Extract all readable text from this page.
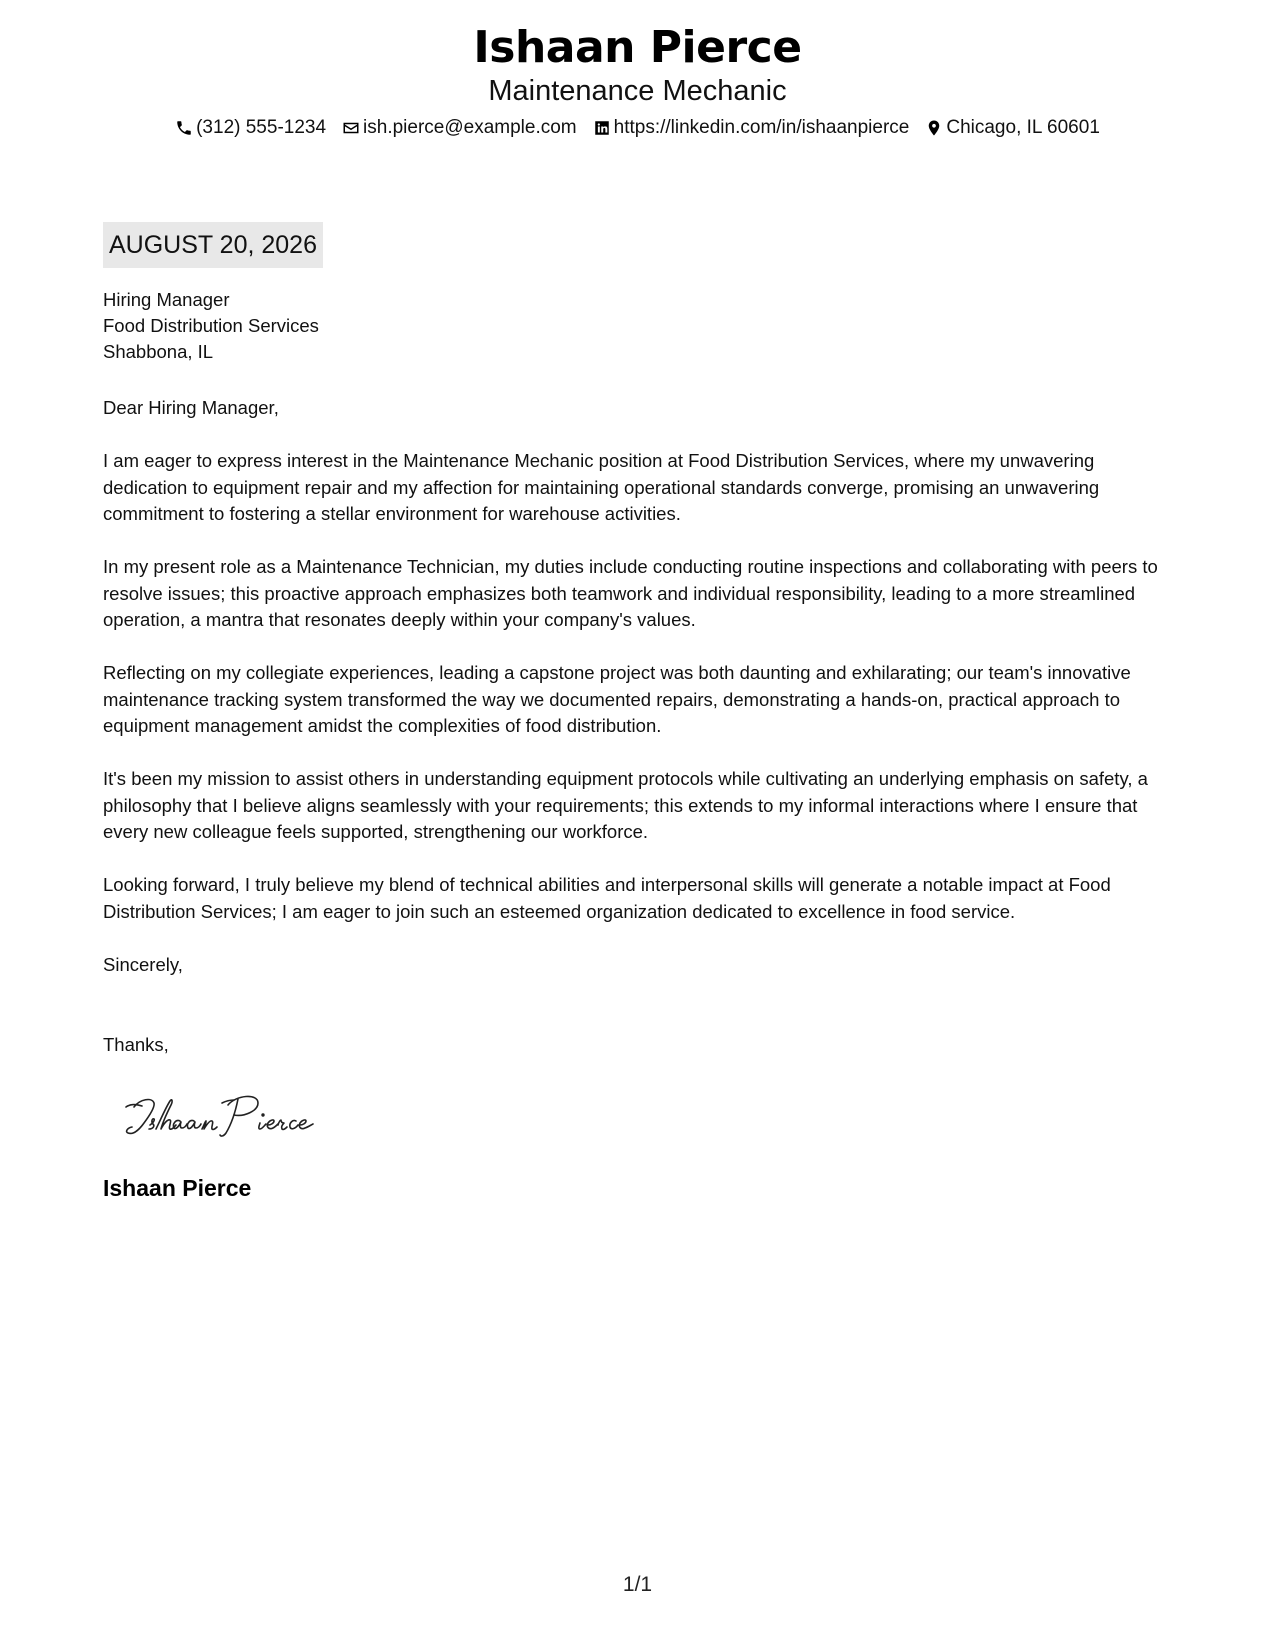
Ishaan Pierce
Maintenance Mechanic
(312) 555-1234 ish.pierce@example.com https://linkedin.com/in/ishaanpierce Chicago, IL 60601
AUGUST 20, 2026
Hiring Manager
Food Distribution Services
Shabbona, IL

Dear Hiring Manager,

I am eager to express interest in the Maintenance Mechanic position at Food Distribution Services, where my unwavering dedication to equipment repair and my affection for maintaining operational standards converge, promising an unwavering commitment to fostering a stellar environment for warehouse activities.

In my present role as a Maintenance Technician, my duties include conducting routine inspections and collaborating with peers to resolve issues; this proactive approach emphasizes both teamwork and individual responsibility, leading to a more streamlined operation, a mantra that resonates deeply within your company's values.

Reflecting on my collegiate experiences, leading a capstone project was both daunting and exhilarating; our team's innovative maintenance tracking system transformed the way we documented repairs, demonstrating a hands-on, practical approach to equipment management amidst the complexities of food distribution.

It's been my mission to assist others in understanding equipment protocols while cultivating an underlying emphasis on safety, a philosophy that I believe aligns seamlessly with your requirements; this extends to my informal interactions where I ensure that every new colleague feels supported, strengthening our workforce.

Looking forward, I truly believe my blend of technical abilities and interpersonal skills will generate a notable impact at Food Distribution Services; I am eager to join such an esteemed organization dedicated to excellence in food service.

Sincerely,
Thanks,
Ishaan Pierce
1/1
